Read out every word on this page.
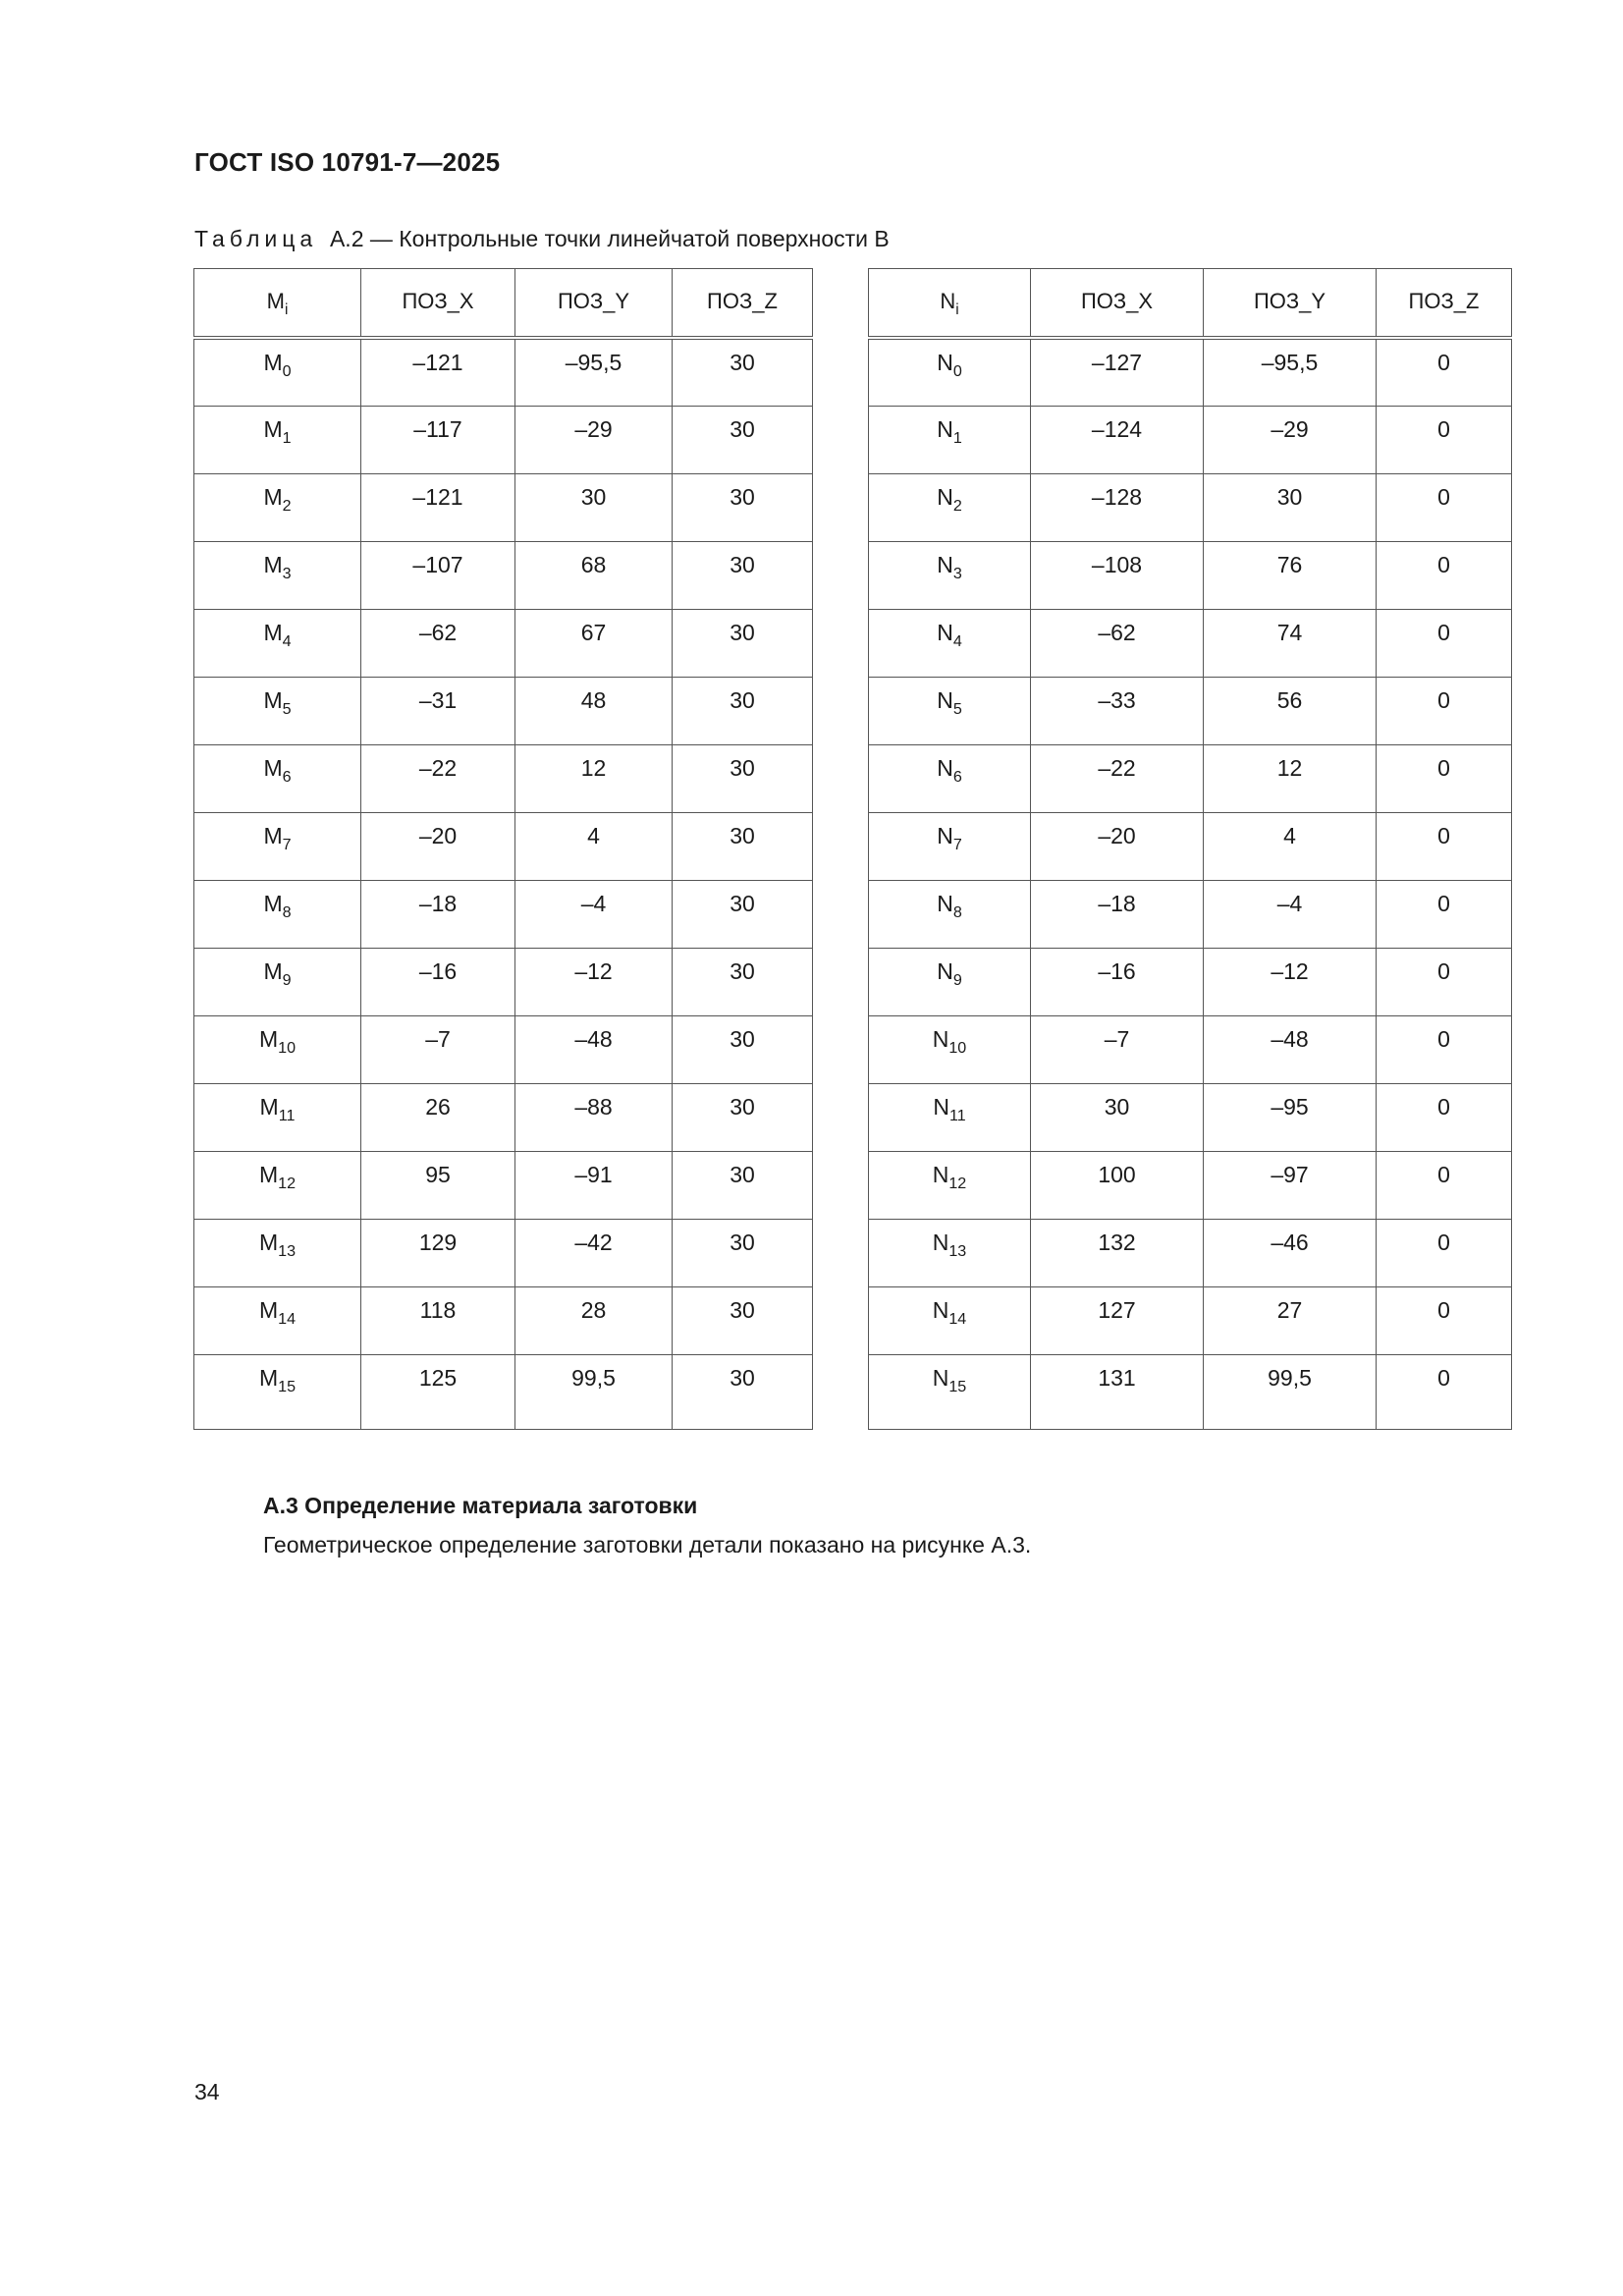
ГОСТ ISO 10791-7—2025
Таблица А.2 — Контрольные точки линейчатой поверхности В
$M_i$	ПОЗ_X	ПОЗ_Y	ПОЗ_Z
$M_0$	–121	–95,5	30
$M_1$	–117	–29	30
$M_2$	–121	30	30
$M_3$	–107	68	30
$M_4$	–62	67	30
$M_5$	–31	48	30
$M_6$	–22	12	30
$M_7$	–20	4	30
$M_8$	–18	–4	30
$M_9$	–16	–12	30
$M_{10}$	–7	–48	30
$M_{11}$	26	–88	30
$M_{12}$	95	–91	30
$M_{13}$	129	–42	30
$M_{14}$	118	28	30
$M_{15}$	125	99,5	30
$N_i$	ПОЗ_X	ПОЗ_Y	ПОЗ_Z
$N_0$	–127	–95,5	0
$N_1$	–124	–29	0
$N_2$	–128	30	0
$N_3$	–108	76	0
$N_4$	–62	74	0
$N_5$	–33	56	0
$N_6$	–22	12	0
$N_7$	–20	4	0
$N_8$	–18	–4	0
$N_9$	–16	–12	0
$N_{10}$	–7	–48	0
$N_{11}$	30	–95	0
$N_{12}$	100	–97	0
$N_{13}$	132	–46	0
$N_{14}$	127	27	0
$N_{15}$	131	99,5	0
А.3 Определение материала заготовки
Геометрическое определение заготовки детали показано на рисунке А.3.
34
